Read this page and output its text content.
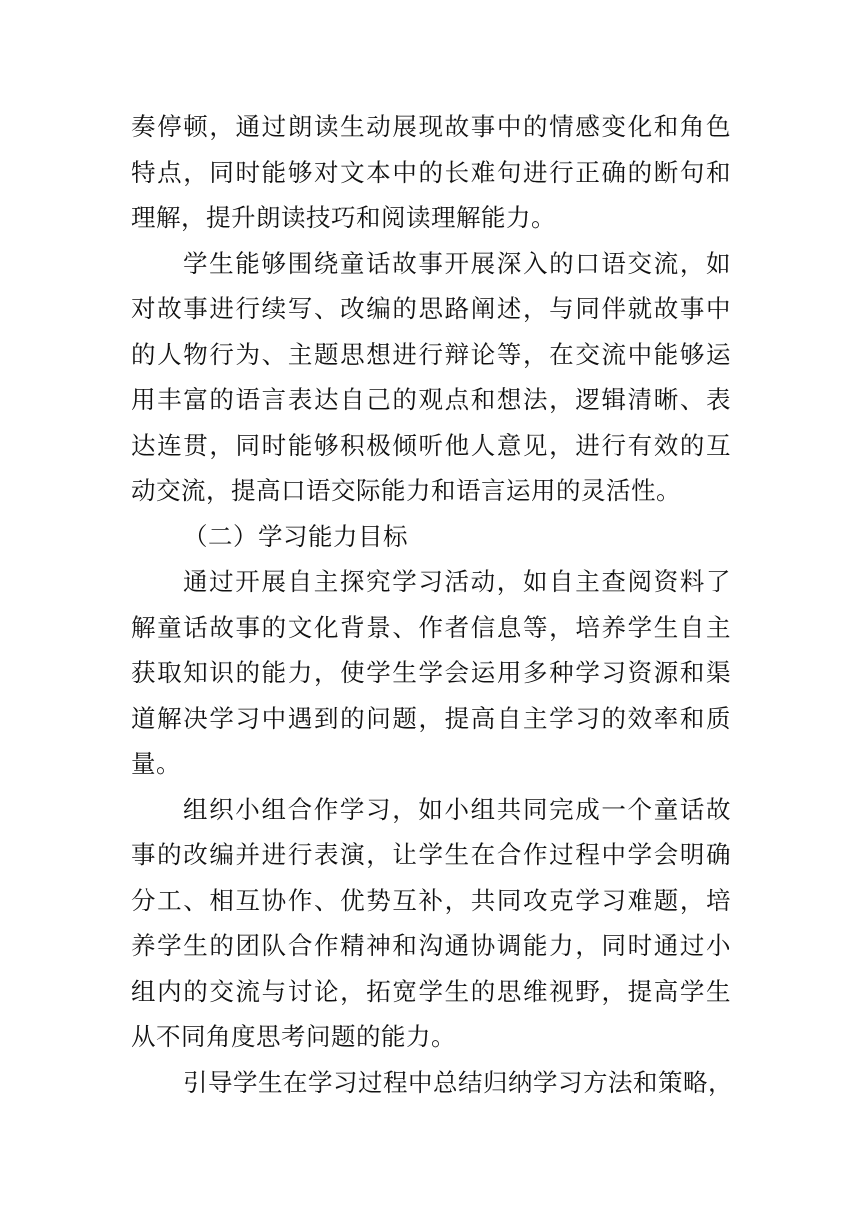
奏停顿，通过朗读生动展现故事中的情感变化和角色
特点，同时能够对文本中的长难句进行正确的断句和
理解，提升朗读技巧和阅读理解能力。
学生能够围绕童话故事开展深入的口语交流，如
对故事进行续写、改编的思路阐述，与同伴就故事中
的人物行为、主题思想进行辩论等，在交流中能够运
用丰富的语言表达自己的观点和想法，逻辑清晰、表
达连贯，同时能够积极倾听他人意见，进行有效的互
动交流，提高口语交际能力和语言运用的灵活性。
（二）学习能力目标
通过开展自主探究学习活动，如自主查阅资料了
解童话故事的文化背景、作者信息等，培养学生自主
获取知识的能力，使学生学会运用多种学习资源和渠
道解决学习中遇到的问题，提高自主学习的效率和质
量。
组织小组合作学习，如小组共同完成一个童话故
事的改编并进行表演，让学生在合作过程中学会明确
分工、相互协作、优势互补，共同攻克学习难题，培
养学生的团队合作精神和沟通协调能力，同时通过小
组内的交流与讨论，拓宽学生的思维视野，提高学生
从不同角度思考问题的能力。
引导学生在学习过程中总结归纳学习方法和策略，
